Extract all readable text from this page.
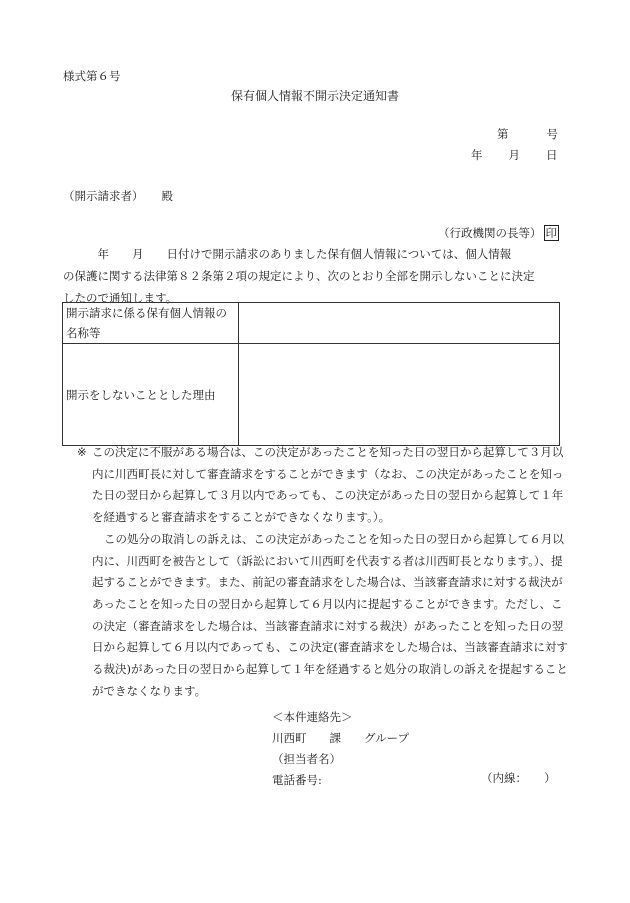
様式第６号
保有個人情報不開示決定通知書
第	号
年 月 日
（開示請求者） 殿
（行政機関の長等） 印
　　　年　　月　　日付けで開示請求のありました保有個人情報については、個人情報
の保護に関する法律第８２条第２項の規定により、次のとおり全部を開示しないことに決定
したので通知します。
開示請求に係る保有個人情報の名称等	
開示をしないこととした理由	
※ この決定に不服がある場合は、この決定があったことを知った日の翌日から起算して３月以内に川西町長に対して審査請求をすることができます（なお、この決定があったことを知った日の翌日から起算して３月以内であっても、この決定があった日の翌日から起算して１年を経過すると審査請求をすることができなくなります。）。
この処分の取消しの訴えは、この決定があったことを知った日の翌日から起算して６月以内に、川西町を被告として（訴訟において川西町を代表する者は川西町長となります。）、提起することができます。また、前記の審査請求をした場合は、当該審査請求に対する裁決があったことを知った日の翌日から起算して６月以内に提起することができます。ただし、この決定（審査請求をした場合は、当該審査請求に対する裁決）があったことを知った日の翌日から起算して６月以内であっても、この決定(審査請求をした場合は、当該審査請求に対する裁決)があった日の翌日から起算して１年を経過すると処分の取消しの訴えを提起することができなくなります。
＜本件連絡先＞
川西町　　課　　グループ
（担当者名）
電話番号:	（内線：　　）
